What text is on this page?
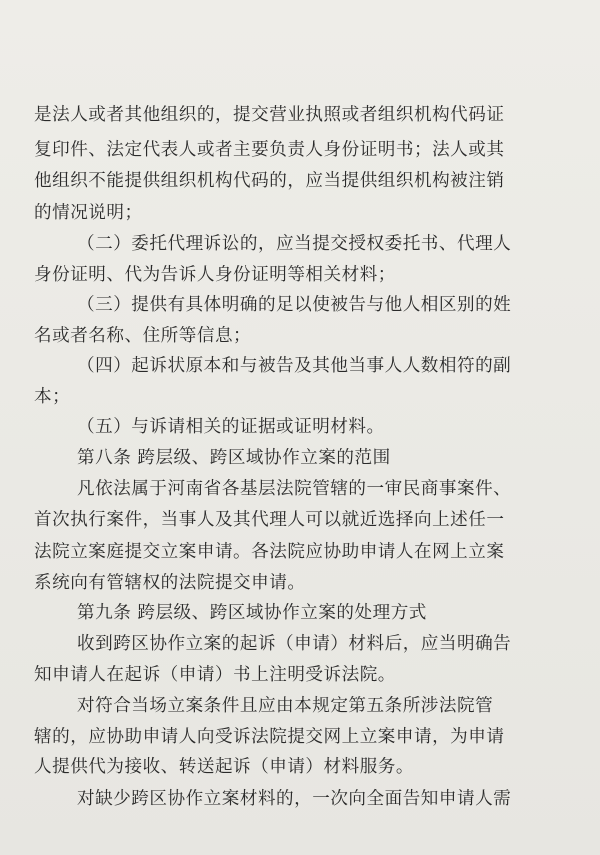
是法人或者其他组织的，提交营业执照或者组织机构代码证
复印件、法定代表人或者主要负责人身份证明书；法人或其
他组织不能提供组织机构代码的，应当提供组织机构被注销
的情况说明；
（二）委托代理诉讼的，应当提交授权委托书、代理人
身份证明、代为告诉人身份证明等相关材料；
（三）提供有具体明确的足以使被告与他人相区别的姓
名或者名称、住所等信息；
（四）起诉状原本和与被告及其他当事人人数相符的副
本；
（五）与诉请相关的证据或证明材料。
第八条 跨层级、跨区域协作立案的范围
凡依法属于河南省各基层法院管辖的一审民商事案件、
首次执行案件，当事人及其代理人可以就近选择向上述任一
法院立案庭提交立案申请。各法院应协助申请人在网上立案
系统向有管辖权的法院提交申请。
第九条 跨层级、跨区域协作立案的处理方式
收到跨区协作立案的起诉（申请）材料后，应当明确告
知申请人在起诉（申请）书上注明受诉法院。
对符合当场立案条件且应由本规定第五条所涉法院管
辖的，应协助申请人向受诉法院提交网上立案申请，为申请
人提供代为接收、转送起诉（申请）材料服务。
对缺少跨区协作立案材料的，一次向全面告知申请人需
